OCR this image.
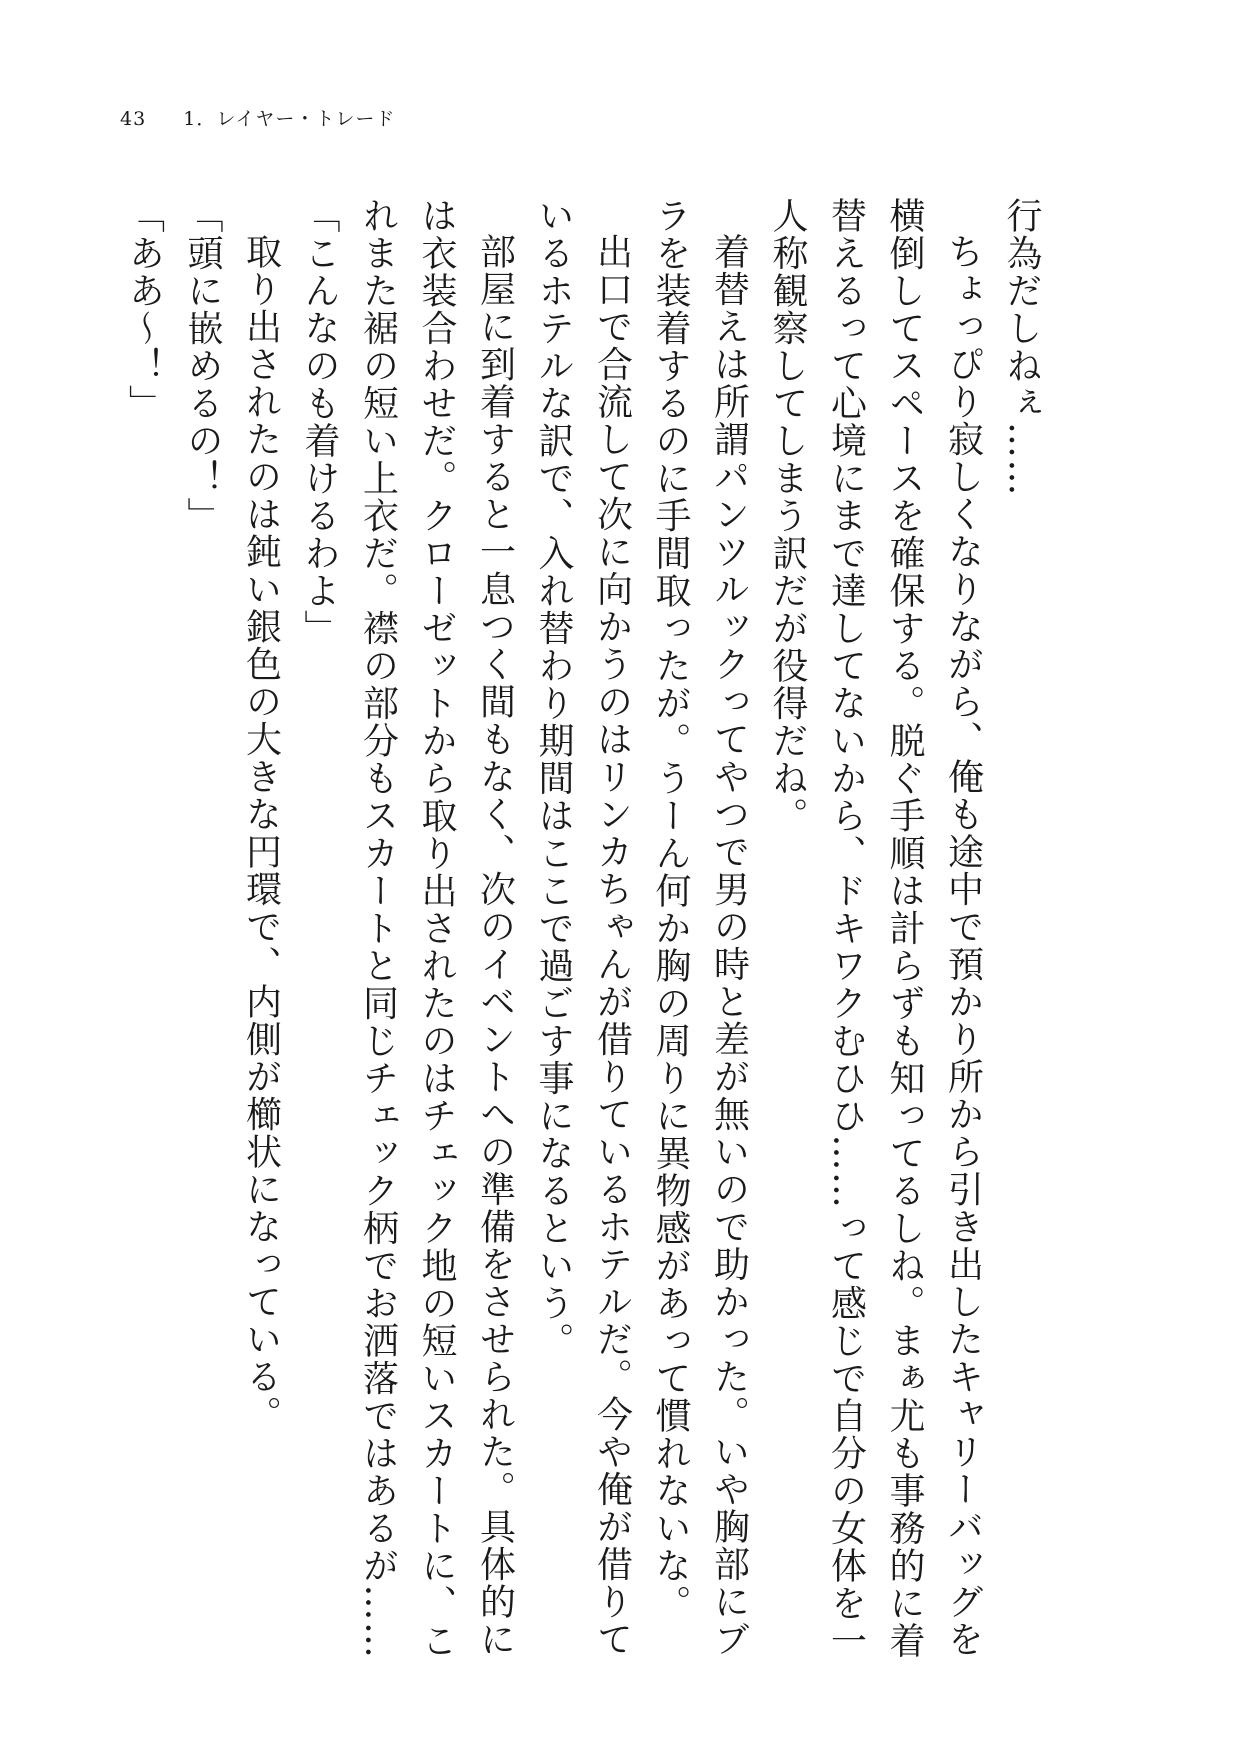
43 1．レイヤー・トレード

行為だしねぇ……

ちょっぴり寂しくなりながら、俺も途中で預かり所から引き出したキャリーバッグを横倒してスペースを確保する。脱ぐ手順は計らずも知ってるしね。まぁ尤も事務的に着替えるって心境にまで達してないから、ドキワクむひひ……って感じで自分の女体を一人称観察してしまう訳だが役得だね。

着替えは所謂パンツルックってやつで男の時と差が無いので助かった。いや胸部にブラを装着するのに手間取ったが。うーん何か胸の周りに異物感があって慣れないな。

出口で合流して次に向かうのはリンカちゃんが借りているホテルだ。今や俺が借りているホテルな訳で、入れ替わり期間はここで過ごす事になるという。

部屋に到着すると一息つく間もなく、次のイベントへの準備をさせられた。具体的には衣装合わせだ。クローゼットから取り出されたのはチェック地の短いスカートに、これまた裾の短い上衣だ。襟の部分もスカートと同じチェック柄でお洒落ではあるが……

「こんなのも着けるわよ」

取り出されたのは鈍い銀色の大きな円環で、内側が櫛状になっている。

「頭に嵌めるの！」

「ああ～！」
